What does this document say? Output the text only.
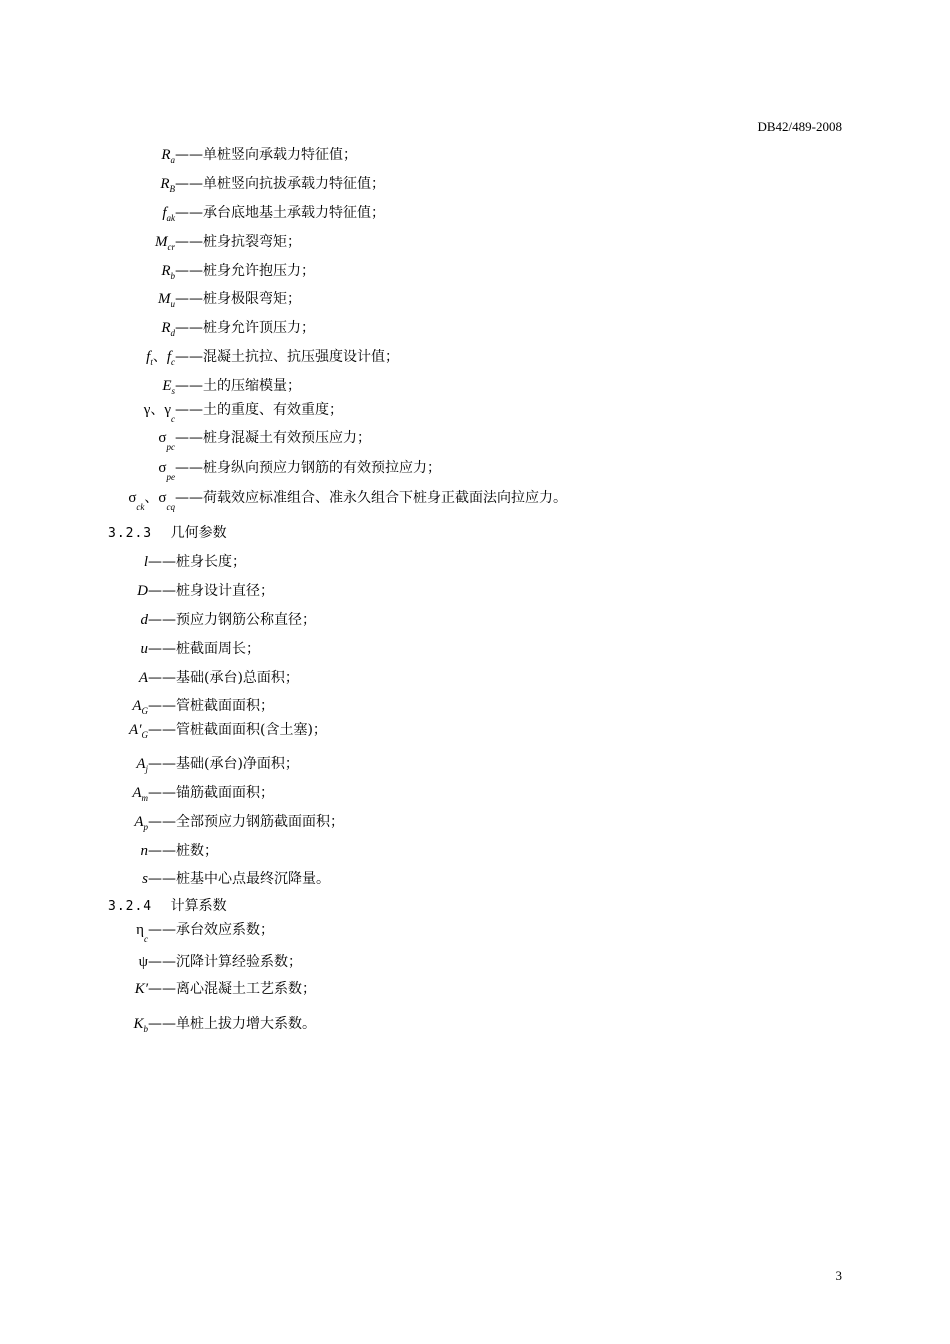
DB42/489-2008
$R_a$ ——单桩竖向承载力特征值；
$R_B$ ——单桩竖向抗拔承载力特征值；
$f_{ak}$ ——承台底地基土承载力特征值；
$M_{cr}$ ——桩身抗裂弯矩；
$R_b$ ——桩身允许抱压力；
$M_u$ ——桩身极限弯矩；
$R_d$ ——桩身允许顶压力；
$f_t$、$f_c$ ——混凝土抗拉、抗压强度设计值；
$E_s$ ——土的压缩模量；
γ、$\gamma_c$
——土的重度、有效重度；
$\sigma_{pc}$
——桩身混凝土有效预压应力；
$\sigma_{pe}$
——桩身纵向预应力钢筋的有效预拉应力；
$\sigma_{ck}$、$\sigma_{cq}$
——荷载效应标准组合、准永久组合下桩身正截面法向拉应力。
3.2.3 几何参数
l ——桩身长度；
D ——桩身设计直径；
d ——预应力钢筋公称直径；
u ——桩截面周长；
A ——基础(承台)总面积；
$A_G$ ——管桩截面面积；
$A'_G$ ——管桩截面面积(含土塞)；
$A_j$ ——基础(承台)净面积；
$A_m$ ——锚筋截面面积；
$A_p$ ——全部预应力钢筋截面面积；
n ——桩数；
s ——桩基中心点最终沉降量。
3.2.4 计算系数
$\eta_c$
——承台效应系数；
ψ ——沉降计算经验系数；
K′ ——离心混凝土工艺系数；
$K_b$ ——单桩上拔力增大系数。
3
